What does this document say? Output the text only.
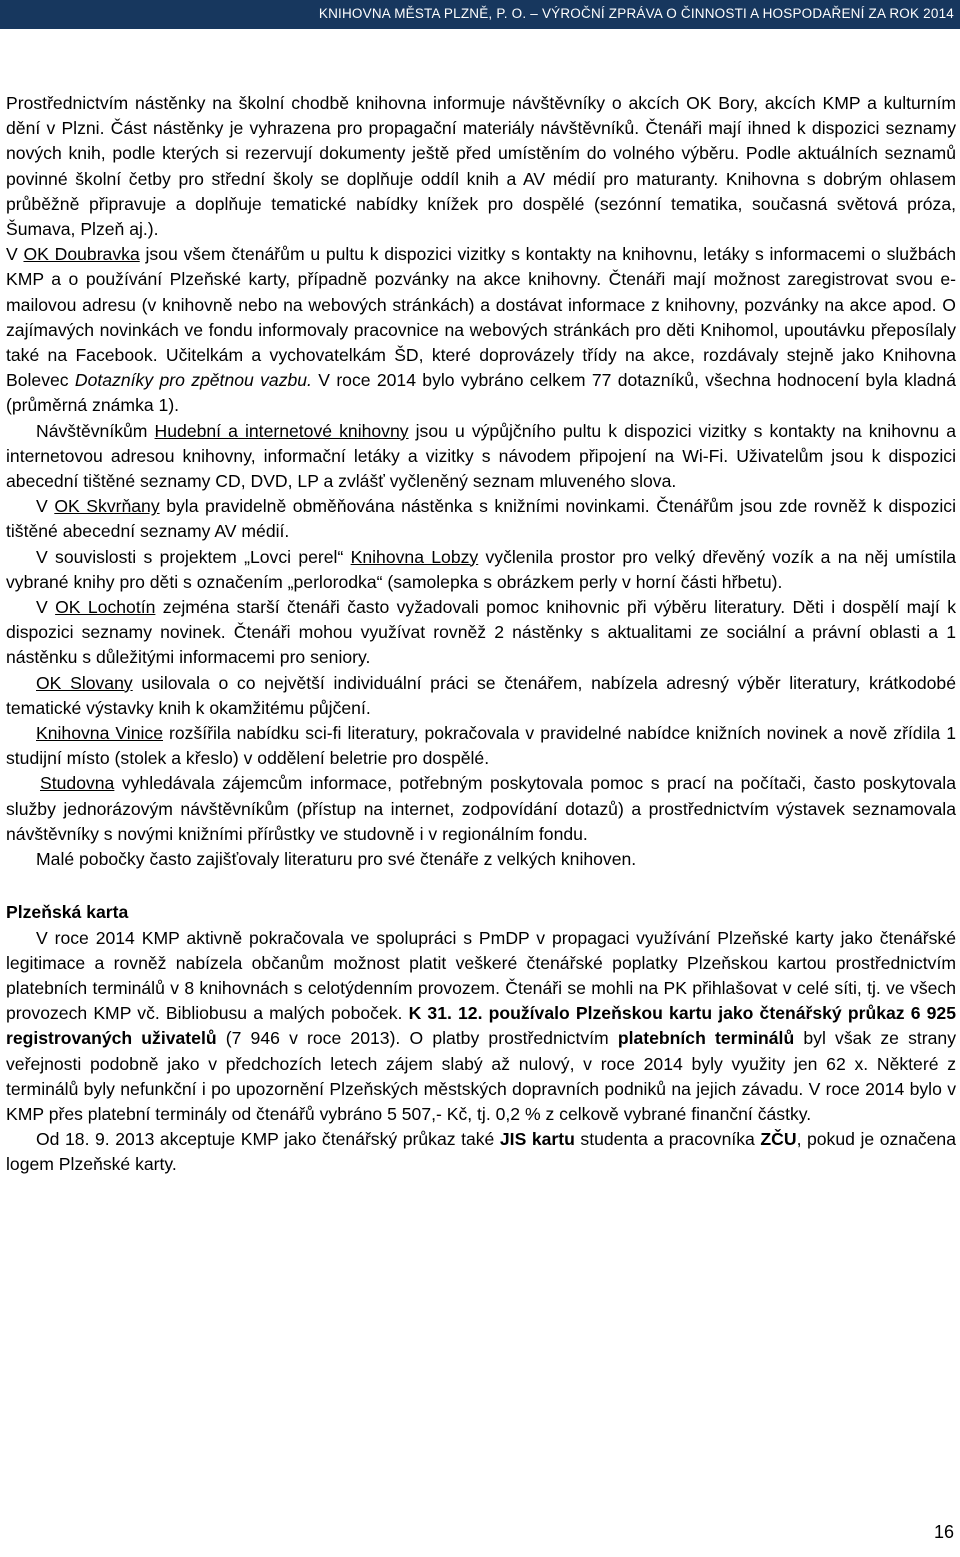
KNIHOVNA MĚSTA PLZNĚ, P. O. – VÝROČNÍ ZPRÁVA O ČINNOSTI A HOSPODAŘENÍ ZA ROK 2014

Prostřednictvím nástěnky na školní chodbě knihovna informuje návštěvníky o akcích OK Bory, akcích KMP a kulturním dění v Plzni. Část nástěnky je vyhrazena pro propagační materiály návštěvníků. Čtenáři mají ihned k dispozici seznamy nových knih, podle kterých si rezervují dokumenty ještě před umístěním do volného výběru. Podle aktuálních seznamů povinné školní četby pro střední školy se doplňuje oddíl knih a AV médií pro maturanty. Knihovna s dobrým ohlasem průběžně připravuje a doplňuje tematické nabídky knížek pro dospělé (sezónní tematika, současná světová próza, Šumava, Plzeň aj.).

V OK Doubravka jsou všem čtenářům u pultu k dispozici vizitky s kontakty na knihovnu, letáky s informacemi o službách KMP a o používání Plzeňské karty, případně pozvánky na akce knihovny. Čtenáři mají možnost zaregistrovat svou e-mailovou adresu (v knihovně nebo na webových stránkách) a dostávat informace z knihovny, pozvánky na akce apod. O zajímavých novinkách ve fondu informovaly pracovnice na webových stránkách pro děti Knihomol, upoutávku přeposílaly také na Facebook. Učitelkám a vychovatelkám ŠD, které doprovázely třídy na akce, rozdávaly stejně jako Knihovna Bolevec Dotazníky pro zpětnou vazbu. V roce 2014 bylo vybráno celkem 77 dotazníků, všechna hodnocení byla kladná (průměrná známka 1).

Návštěvníkům Hudební a internetové knihovny jsou u výpůjčního pultu k dispozici vizitky s kontakty na knihovnu a internetovou adresou knihovny, informační letáky a vizitky s návodem připojení na Wi-Fi. Uživatelům jsou k dispozici abecední tištěné seznamy CD, DVD, LP a zvlášť vyčleněný seznam mluveného slova.

V OK Skvrňany byla pravidelně obměňována nástěnka s knižními novinkami. Čtenářům jsou zde rovněž k dispozici tištěné abecední seznamy AV médií.

V souvislosti s projektem „Lovci perel“ Knihovna Lobzy vyčlenila prostor pro velký dřevěný vozík a na něj umístila vybrané knihy pro děti s označením „perlorodka“ (samolepka s obrázkem perly v horní části hřbetu).

V OK Lochotín zejména starší čtenáři často vyžadovali pomoc knihovnic při výběru literatury. Děti i dospělí mají k dispozici seznamy novinek. Čtenáři mohou využívat rovněž 2 nástěnky s aktualitami ze sociální a právní oblasti a 1 nástěnku s důležitými informacemi pro seniory.

OK Slovany usilovala o co největší individuální práci se čtenářem, nabízela adresný výběr literatury, krátkodobé tematické výstavky knih k okamžitému půjčení.

Knihovna Vinice rozšířila nabídku sci-fi literatury, pokračovala v pravidelné nabídce knižních novinek a nově zřídila 1 studijní místo (stolek a křeslo) v oddělení beletrie pro dospělé.

Studovna vyhledávala zájemcům informace, potřebným poskytovala pomoc s prací na počítači, často poskytovala služby jednorázovým návštěvníkům (přístup na internet, zodpovídání dotazů) a prostřednictvím výstavek seznamovala návštěvníky s novými knižními přírůstky ve studovně i v regionálním fondu.

Malé pobočky často zajišťovaly literaturu pro své čtenáře z velkých knihoven.

Plzeňská karta

V roce 2014 KMP aktivně pokračovala ve spolupráci s PmDP v propagaci využívání Plzeňské karty jako čtenářské legitimace a rovněž nabízela občanům možnost platit veškeré čtenářské poplatky Plzeňskou kartou prostřednictvím platebních terminálů v 8 knihovnách s celotýdenním provozem. Čtenáři se mohli na PK přihlašovat v celé síti, tj. ve všech provozech KMP vč. Bibliobusu a malých poboček. K 31. 12. používalo Plzeňskou kartu jako čtenářský průkaz 6 925 registrovaných uživatelů (7 946 v roce 2013). O platby prostřednictvím platebních terminálů byl však ze strany veřejnosti podobně jako v předchozích letech zájem slabý až nulový, v roce 2014 byly využity jen 62 x. Některé z terminálů byly nefunkční i po upozornění Plzeňských městských dopravních podniků na jejich závadu. V roce 2014 bylo v KMP přes platební terminály od čtenářů vybráno 5 507,- Kč, tj. 0,2 % z celkově vybrané finanční částky.

Od 18. 9. 2013 akceptuje KMP jako čtenářský průkaz také JIS kartu studenta a pracovníka ZČU, pokud je označena logem Plzeňské karty.

16
